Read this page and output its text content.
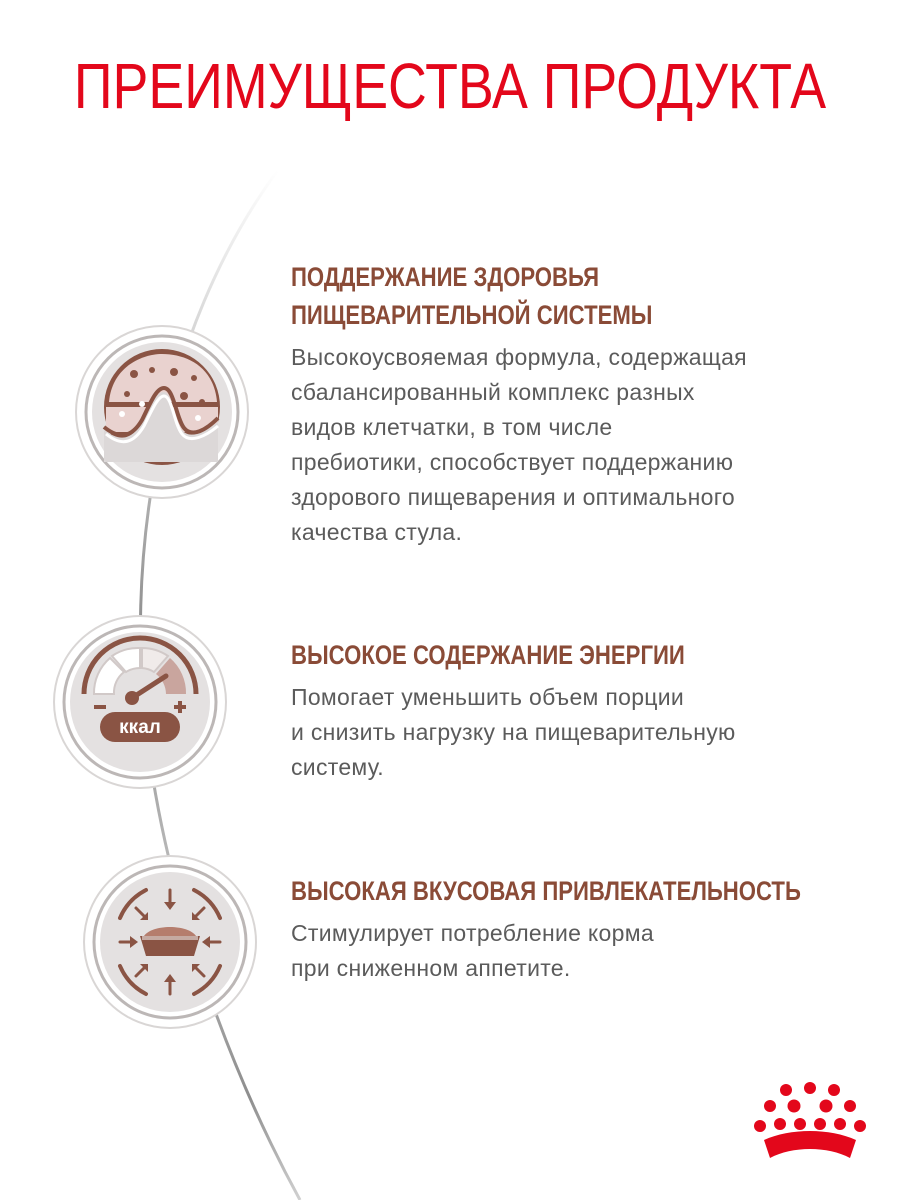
ПРЕИМУЩЕСТВА ПРОДУКТА
ккал
ПОДДЕРЖАНИЕ ЗДОРОВЬЯ
ПИЩЕВАРИТЕЛЬНОЙ СИСТЕМЫ

Высокоусвояемая формула, содержащая
сбалансированный комплекс разных
видов клетчатки, в том числе
пребиотики, способствует поддержанию
здорового пищеварения и оптимального
качества стула.

ВЫСОКОЕ СОДЕРЖАНИЕ ЭНЕРГИИ

Помогает уменьшить объем порции
и снизить нагрузку на пищеварительную
систему.

ВЫСОКАЯ ВКУСОВАЯ ПРИВЛЕКАТЕЛЬНОСТЬ

Стимулирует потребление корма
при сниженном аппетите.
